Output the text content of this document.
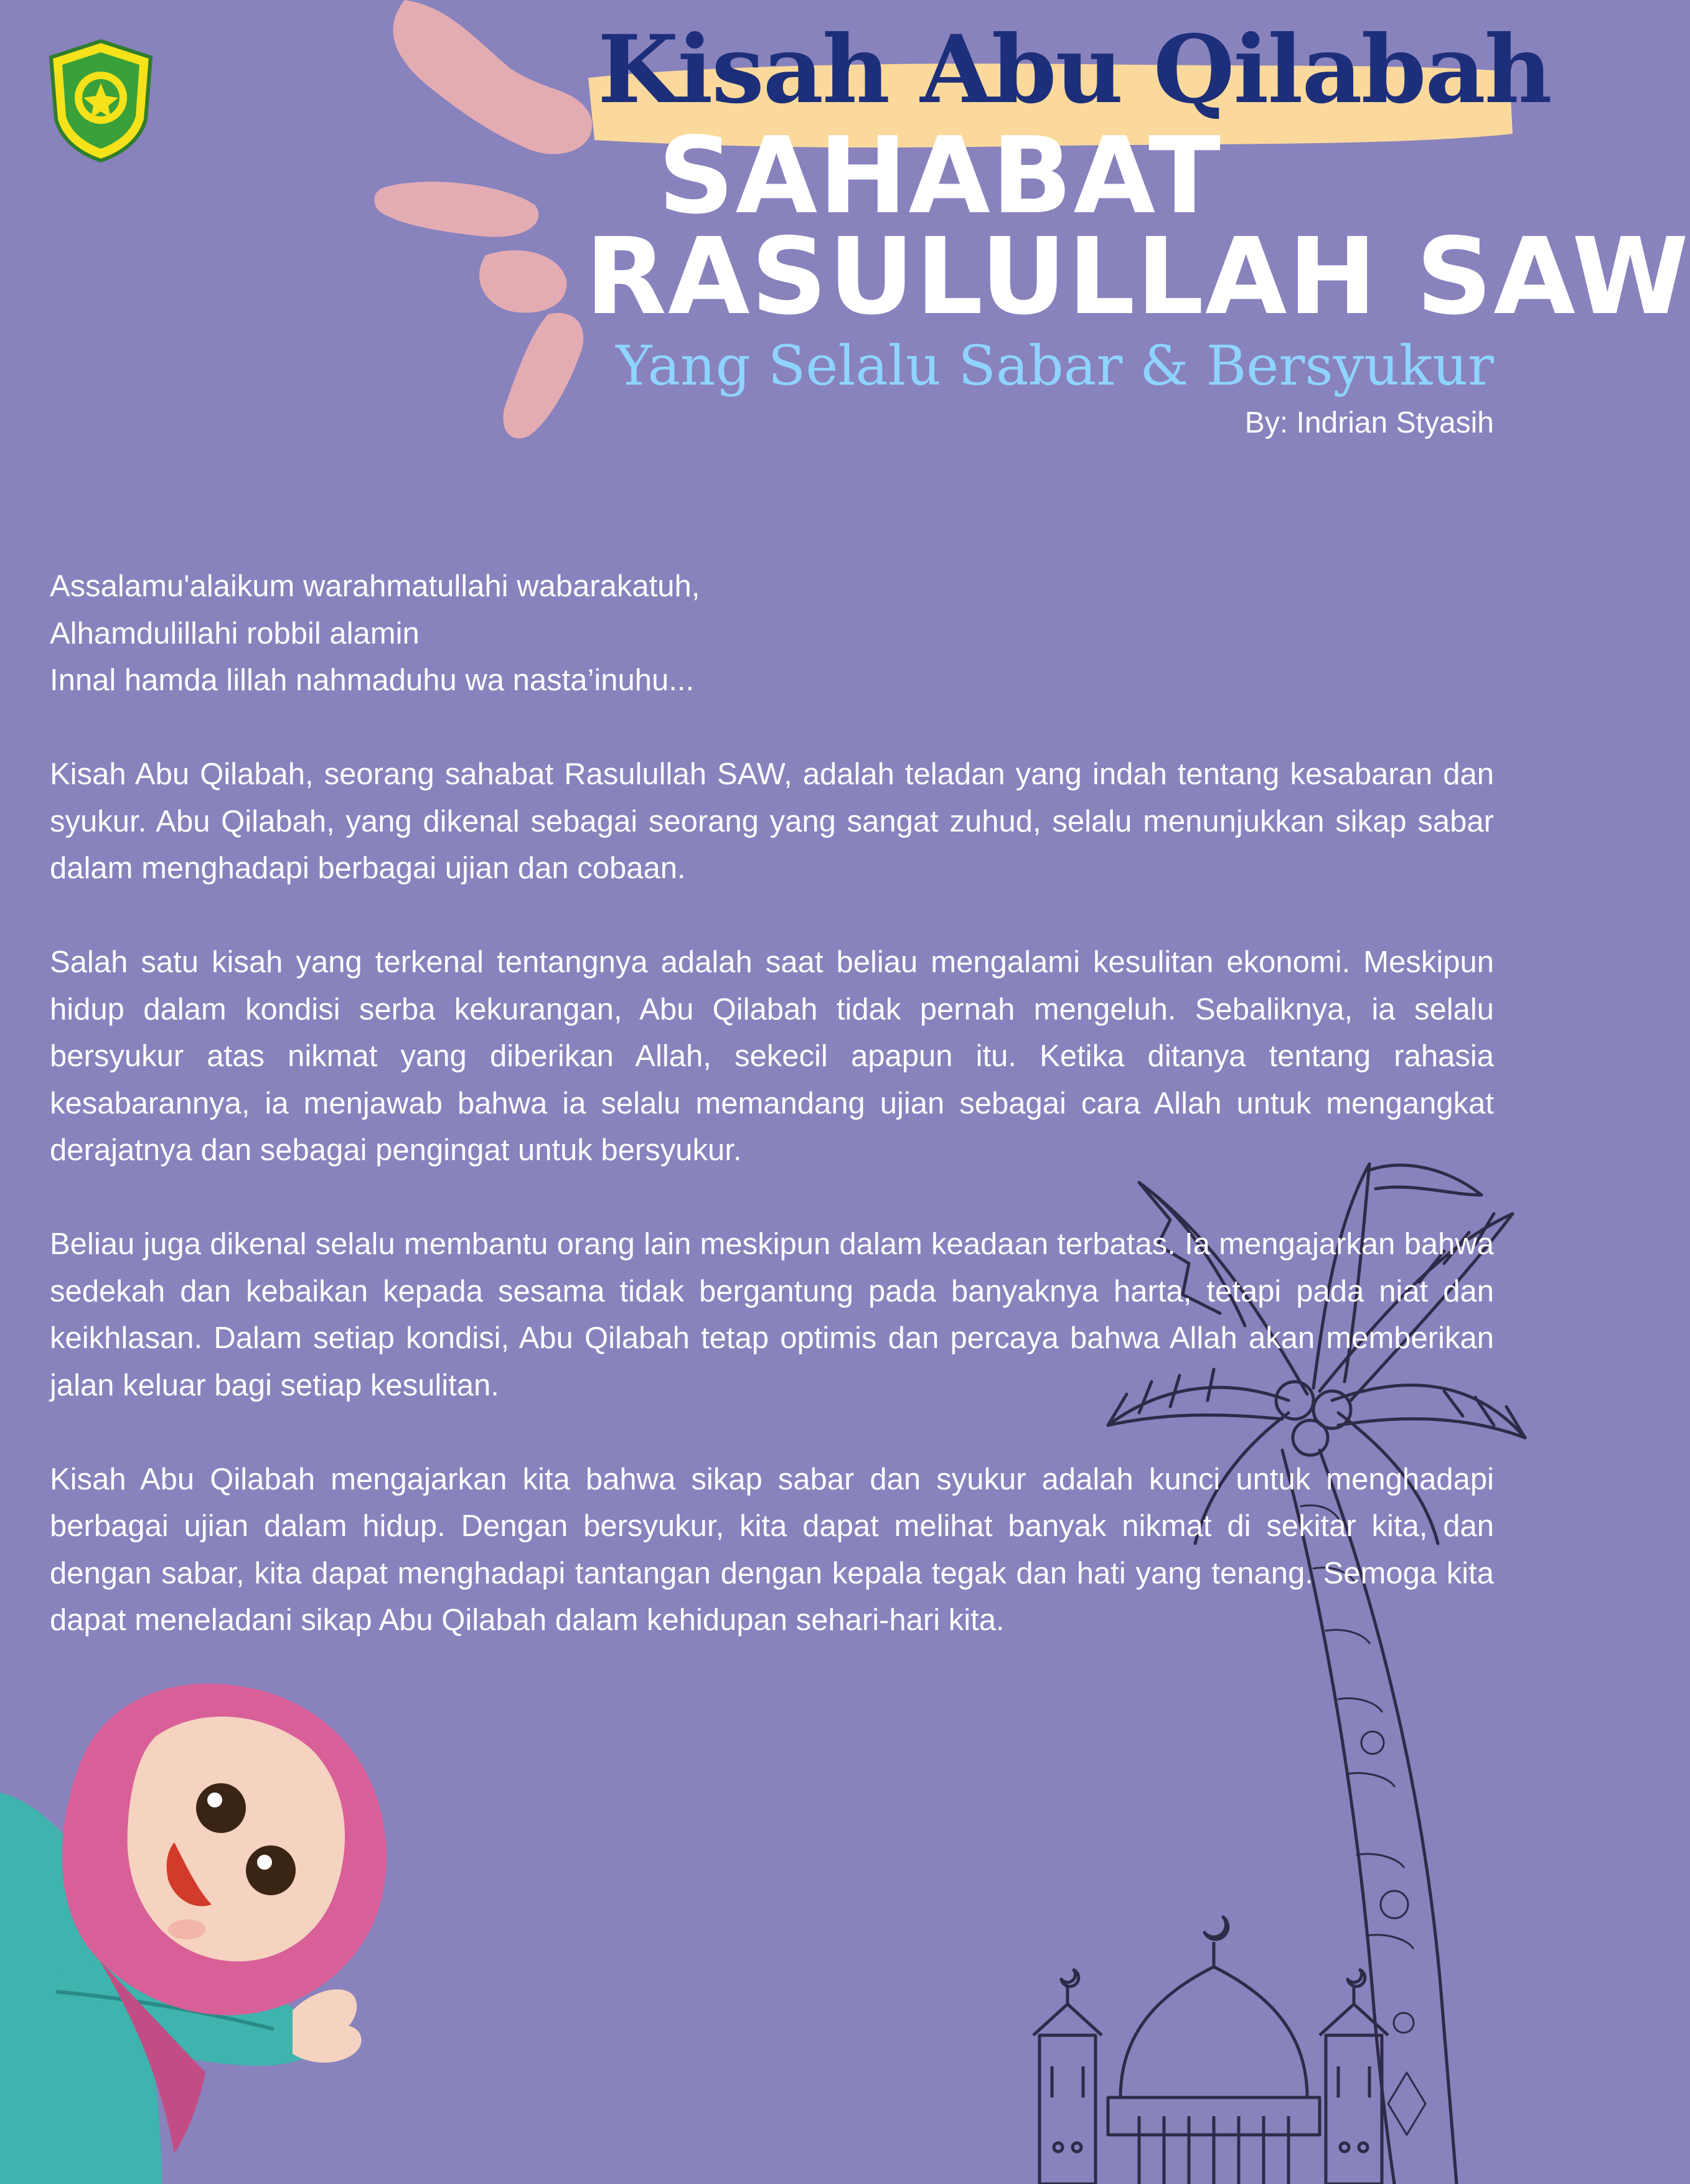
Kisah Abu Qilabah
SAHABAT
RASULULLAH SAW
Yang Selalu Sabar & Bersyukur
By: Indrian Styasih

Assalamu'alaikum warahmatullahi wabarakatuh,
Alhamdulillahi robbil alamin
Innal hamda lillah nahmaduhu wa nasta’inuhu...

Kisah Abu Qilabah, seorang sahabat Rasulullah SAW, adalah teladan yang indah tentang kesabaran dan syukur. Abu Qilabah, yang dikenal sebagai seorang yang sangat zuhud, selalu menunjukkan sikap sabar dalam menghadapi berbagai ujian dan cobaan.

Salah satu kisah yang terkenal tentangnya adalah saat beliau mengalami kesulitan ekonomi. Meskipun hidup dalam kondisi serba kekurangan, Abu Qilabah tidak pernah mengeluh. Sebaliknya, ia selalu bersyukur atas nikmat yang diberikan Allah, sekecil apapun itu. Ketika ditanya tentang rahasia kesabarannya, ia menjawab bahwa ia selalu memandang ujian sebagai cara Allah untuk mengangkat derajatnya dan sebagai pengingat untuk bersyukur.

Beliau juga dikenal selalu membantu orang lain meskipun dalam keadaan terbatas. Ia mengajarkan bahwa sedekah dan kebaikan kepada sesama tidak bergantung pada banyaknya harta, tetapi pada niat dan keikhlasan. Dalam setiap kondisi, Abu Qilabah tetap optimis dan percaya bahwa Allah akan memberikan jalan keluar bagi setiap kesulitan.

Kisah Abu Qilabah mengajarkan kita bahwa sikap sabar dan syukur adalah kunci untuk menghadapi berbagai ujian dalam hidup. Dengan bersyukur, kita dapat melihat banyak nikmat di sekitar kita, dan dengan sabar, kita dapat menghadapi tantangan dengan kepala tegak dan hati yang tenang. Semoga kita dapat meneladani sikap Abu Qilabah dalam kehidupan sehari-hari kita.
